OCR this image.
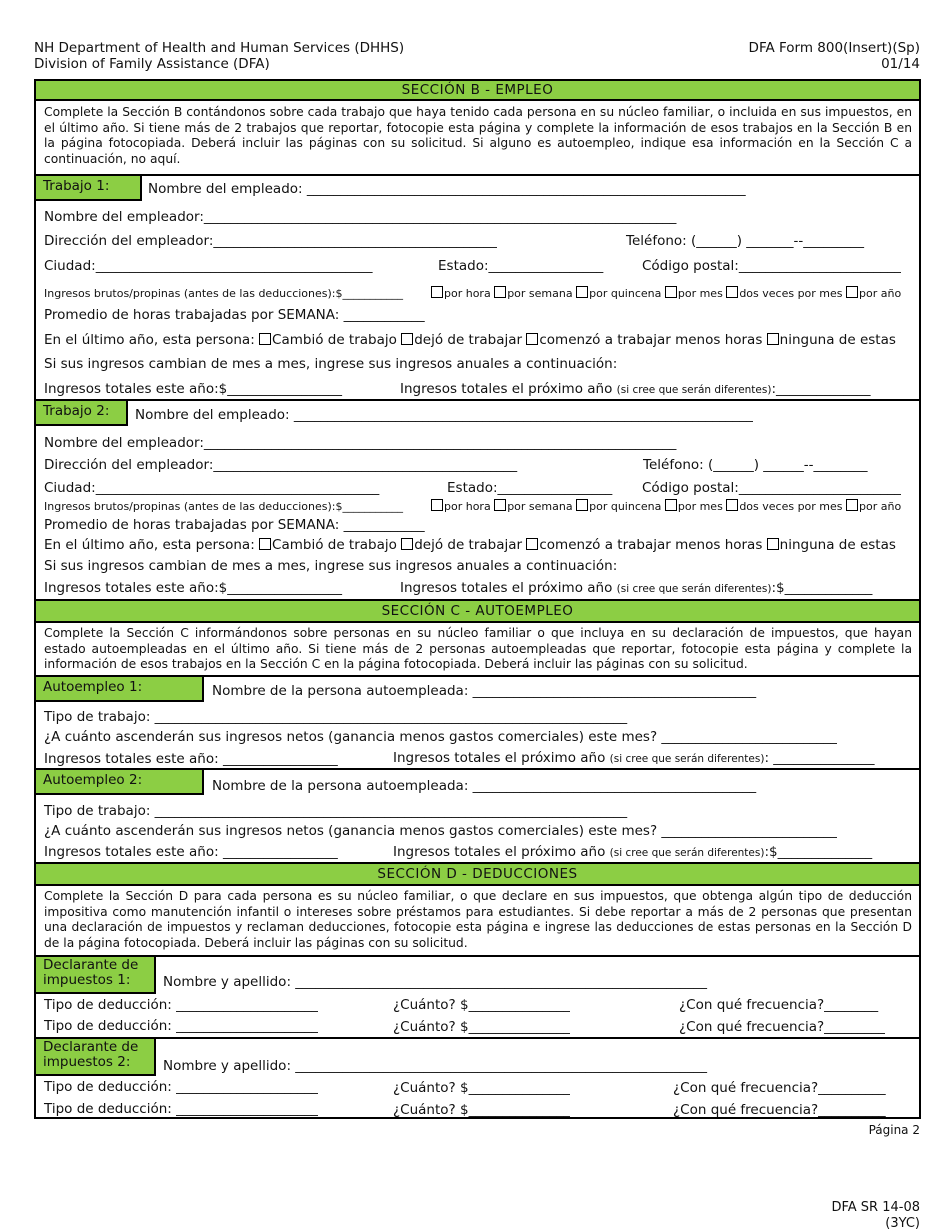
NH Department of Health and Human Services (DHHS)
Division of Family Assistance (DFA)
DFA Form 800(Insert)(Sp)
01/14
SECCIÓN B - EMPLEO
Complete la Sección B contándonos sobre cada trabajo que haya tenido cada persona en su núcleo familiar, o incluida en sus impuestos, en el último año. Si tiene más de 2 trabajos que reportar, fotocopie esta página y complete la información de esos trabajos en la Sección B en la página fotocopiada. Deberá incluir las páginas con su solicitud. Si alguno es autoempleo, indique esa información en la Sección C a continuación, no aquí.
Trabajo 1:	Nombre del empleado: _________________________________________________________________
Nombre del empleador:______________________________________________________________________
Dirección del empleador:__________________________________________	Teléfono: (______) _______--_________
Ciudad:_________________________________________	Estado:_________________	Código postal:________________________
Ingresos brutos/propinas (antes de las deducciones):$___________	por hora por semana por quincena por mes dos veces por mes por año
Promedio de horas trabajadas por SEMANA: ____________
En el último año, esta persona: Cambió de trabajo dejó de trabajar comenzó a trabajar menos horas ninguna de estas
Si sus ingresos cambian de mes a mes, ingrese sus ingresos anuales a continuación:
Ingresos totales este año:$_________________	Ingresos totales el próximo año (si cree que serán diferentes):______________
Trabajo 2:	Nombre del empleado: ____________________________________________________________________
Nombre del empleador:______________________________________________________________________
Dirección del empleador:_____________________________________________	Teléfono: (______) ______--________
Ciudad:__________________________________________	Estado:_________________ Código postal:________________________
Ingresos brutos/propinas (antes de las deducciones):$___________	por hora por semana por quincena por mes dos veces por mes por año
Promedio de horas trabajadas por SEMANA: ____________
En el último año, esta persona: Cambió de trabajo dejó de trabajar comenzó a trabajar menos horas ninguna de estas
Si sus ingresos cambian de mes a mes, ingrese sus ingresos anuales a continuación:
Ingresos totales este año:$_________________	Ingresos totales el próximo año (si cree que serán diferentes):$_____________
SECCIÓN C - AUTOEMPLEO
Complete la Sección C informándonos sobre personas en su núcleo familiar o que incluya en su declaración de impuestos, que hayan estado autoempleadas en el último año. Si tiene más de 2 personas autoempleadas que reportar, fotocopie esta página y complete la información de esos trabajos en la Sección C en la página fotocopiada. Deberá incluir las páginas con su solicitud.
Autoempleo 1:	Nombre de la persona autoempleada: __________________________________________
Tipo de trabajo: ______________________________________________________________________
¿A cuánto ascenderán sus ingresos netos (ganancia menos gastos comerciales) este mes? __________________________
Ingresos totales este año: _________________	Ingresos totales el próximo año (si cree que serán diferentes): _______________
Autoempleo 2:	Nombre de la persona autoempleada: __________________________________________
Tipo de trabajo: ______________________________________________________________________
¿A cuánto ascenderán sus ingresos netos (ganancia menos gastos comerciales) este mes? __________________________
Ingresos totales este año: _________________	Ingresos totales el próximo año (si cree que serán diferentes):$______________
SECCIÓN D - DEDUCCIONES
Complete la Sección D para cada persona es su núcleo familiar, o que declare en sus impuestos, que obtenga algún tipo de deducción impositiva como manutención infantil o intereses sobre préstamos para estudiantes. Si debe reportar a más de 2 personas que presentan una declaración de impuestos y reclaman deducciones, fotocopie esta página e ingrese las deducciones de estas personas en la Sección D de la página fotocopiada. Deberá incluir las páginas con su solicitud.
Declarante de
impuestos 1:	Nombre y apellido: _____________________________________________________________
Tipo de deducción: _____________________	¿Cuánto? $_______________	¿Con qué frecuencia?________
Tipo de deducción: _____________________	¿Cuánto? $_______________	¿Con qué frecuencia?_________
Declarante de
impuestos 2:	Nombre y apellido: _____________________________________________________________
Tipo de deducción: _____________________	¿Cuánto? $_______________	¿Con qué frecuencia?__________
Tipo de deducción: _____________________	¿Cuánto? $_______________	¿Con qué frecuencia?__________
Página 2
DFA SR 14-08
(3YC)
